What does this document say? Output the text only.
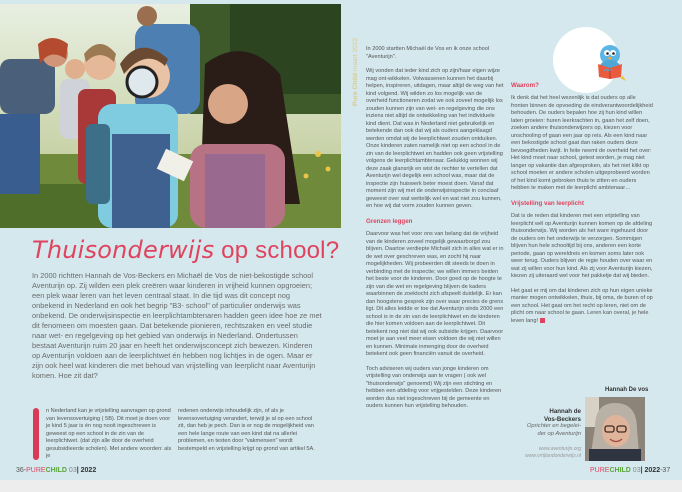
Thuisonderwijs op school?
In 2000 richtten Hannah de Vos-Beckers en Michaël de Vos de niet-bekostigde school Aventurijn op. Zij wilden een plek creëren waar kinderen in vrijheid kunnen opgroeien; een plek waar leren van het leven centraal staat. In die tijd was dit concept nog onbekend in Nederland en ook het begrip "B3- school" of particulier onderwijs was onbekend. De onderwijsinspectie en leerplichtambtenaren hadden geen idee hoe ze met dit fenomeen om moesten gaan. Dat betekende pionieren, rechtszaken en veel studie naar wet- en regelgeving op het gebied van onderwijs in Nederland. Ondertussen bestaat Aventurijn ruim 20 jaar en heeft het onderwijsconcept zich bewezen. Kinderen op Aventurijn voldoen aan de leerplichtwet én hebben nog lichtjes in de ogen. Maar er zijn ook heel wat kinderen die met behoud van vrijstelling van leerplicht naar Aventurijn komen. Hoe zit dat?
n Nederland kan je vrijstelling aanvragen op grond van levensovertuiging ( 5B). Dit moet je doen voor je kind 5 jaar is én nog nooit ingeschreven is geweest op een school in de zin van de leerplichtwet. (dat zijn alle door de overheid gesubsidieerde scholen). Met andere woorden: als je
redenen onderwijs inhoudelijk zijn, of als je levensovertuiging verandert, terwijl je al op een school zit, dan heb je pech. Dan is er nog de mogelijkheid van een hele lange route van een kind dat na allerlei problemen, en testen door "vakmensen" wordt bestempeld en vrijstelling krijgt op grond van artikel 5A.
36-PURECHILD 03| 2022
Pure Child maart 2022 In 2000 startten Michaël de Vos en ik onze school "Aventurijn".

Wij vonden dat ieder kind zich op zijn/haar eigen wijze mag ont-wikkelen. Volwassenen kunnen het daarbij helpen, inspireren, uitdagen, maar altijd de weg van het kind volgend. Wij wilden zo los mogelijk van de overheid functioneren zodat we ook zoveel mogelijk los zouden kunnen zijn van wet- en regelgeving die ons inziens niet altijd de ontwikkeling van het individuele kind dient. Dat was in Nederland niet gebruikelijk en betekende dan ook dat wij als ouders aangeklaagd werden omdat wij de leerplichtwet zouden ontduiken. Onze kinderen zaten namelijk niet op een school in de zin van de leerplichtwet en hadden ook geen vrijstelling volgens de leerplichtambtenaar. Gelukkig wonnen wij deze zaak glansrijk en wist de rechter te vertellen dat Aventurijn wel degelijk een school was, maar dat de inspectie zijn huiswerk beter moest doen. Vanaf dat moment zijn wij met de onderwijsinspectie in conclaaf geweest over wat wettelijk wel en wat niet zou kunnen, en hoe wij dat vorm zouden kunnen geven.

Grenzen leggen

Daarvoor was het voor ons van belang dat de vrijheid van de kinderen zoveel mogelijk gewaarborgd zou blijven. Daartoe verdiepte Michaël zich in alles wat er in de wet over geschreven was, en zocht hij naar mogelijkheden. Wij probeerden dit steeds te doen in verbinding met de inspectie; we willen immers beiden het beste voor de kinderen. Door goed op de hoogte te zijn van die wet en regelgeving blijven de kaders waarbinnen de zoektocht zich afspeelt duidelijk. Er kan dan hoogstens gesprek zijn over waar precies de grens ligt. Dit alles leidde er toe dat Aventurijn sinds 2000 een school is in de zin van de leerplichtwet en de kinderen die hier komen voldoen aan de leerplichtwet. Dit betekent nog niet dat wij ook subsidie krijgen. Daarvoor moet je aan veel meer eisen voldoen die wij niet willen en kunnen. Minimale inmenging door de overheid betekent ook geen financiën vanuit de overheid.

Toch adviseren wij ouders van jonge kinderen om vrijstelling van onderwijs aan te vragen ( ook wel "thuisonderwijs" genoemd) Wij zijn een stichting en hebben een afdeling voor vrijgestelden. Deze kinderen worden dus niet ingeschreven bij de gemeente en ouders kunnen hun vrijstelling behouden.

Waarom?

Ik denk dat het heel wezenlijk is dat ouders op alle fronten binnen de opvoeding de eindverantwoordelijkheid behouden. De ouders bepalen hoe zij hun kind willen laten groeien: huren leerkrachten in, gaan het zelf doen, zoeken andere thuisonderwijzers op, kiezen voor unschooling of gaan een jaar op reis. Als een kind naar een bekostigde school gaat dan raken ouders deze bevoegdheden kwijt. In feite neemt de overheid het over: Het kind moet naar school, getest worden, je mag niet langer op vakantie dan afgesproken, als het niet klikt op school moeten er andere scholen uitgeprobeerd worden of het kind komt gebroken thuis te zitten en ouders hebben te maken met de leerplicht ambtenaar…

Vrijstelling van leerplicht

Dat is de reden dat kinderen met een vrijstelling van leerplicht wél op Aventurijn kunnen komen op de afdeling thuisonderwijs. Wij worden als het ware ingehuurd door de ouders om het onderwijs te verzorgen. Sommigen blijven hun hele schooltijd bij ons, anderen een korte periode, gaan op wereldreis en komen soms later ook weer terug. Ouders blijven de regie houden over waar en wat zij willen voor hun kind. Als zij voor Aventurijn kiezen, kiezen zij uiteraard wel voor het pakketje dat wij bieden.

Het gaat er mij om dat kinderen zich op hun eigen unieke manier mogen ontwikkelen, thuis, bij oma, de buren of op een school. Het gaat om het recht op leren, niet om de plicht om naar school te gaan. Leren kan overal, je hele leven lang!

Hannah De vos
Hannah de
Vos-Beckers
Oprichter en begelei-
der op Aventurijn
www.aventurijn.org
www.vrrijlandonderwijs.nl
PURECHILD 03| 2022-37
